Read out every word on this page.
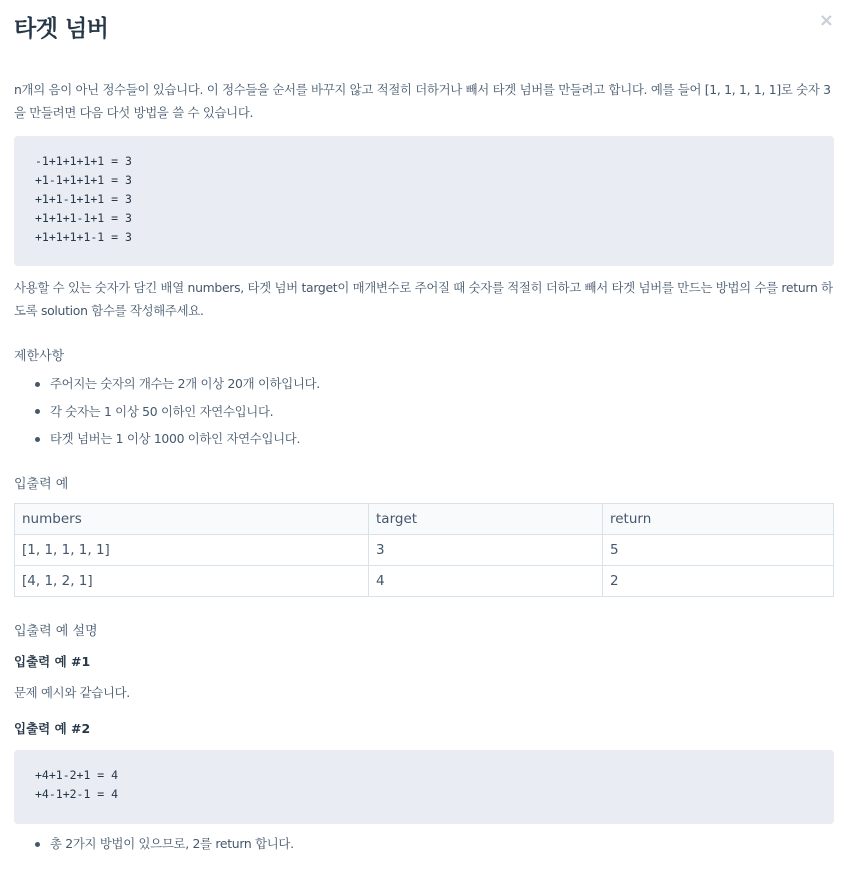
타겟 넘버	×
n개의 음이 아닌 정수들이 있습니다. 이 정수들을 순서를 바꾸지 않고 적절히 더하거나 빼서 타겟 넘버를 만들려고 합니다. 예를 들어 [1, 1, 1, 1, 1]로 숫자 3을 만들려면 다음 다섯 방법을 쓸 수 있습니다.
-1+1+1+1+1 = 3
+1-1+1+1+1 = 3
+1+1-1+1+1 = 3
+1+1+1-1+1 = 3
+1+1+1+1-1 = 3
사용할 수 있는 숫자가 담긴 배열 numbers, 타겟 넘버 target이 매개변수로 주어질 때 숫자를 적절히 더하고 빼서 타겟 넘버를 만드는 방법의 수를 return 하도록 solution 함수를 작성해주세요.
제한사항
주어지는 숫자의 개수는 2개 이상 20개 이하입니다.
각 숫자는 1 이상 50 이하인 자연수입니다.
타겟 넘버는 1 이상 1000 이하인 자연수입니다.
입출력 예
numbers	target	return
[1, 1, 1, 1, 1]	3	5
[4, 1, 2, 1]	4	2
입출력 예 설명
입출력 예 #1
문제 예시와 같습니다.
입출력 예 #2
+4+1-2+1 = 4
+4-1+2-1 = 4
총 2가지 방법이 있으므로, 2를 return 합니다.
